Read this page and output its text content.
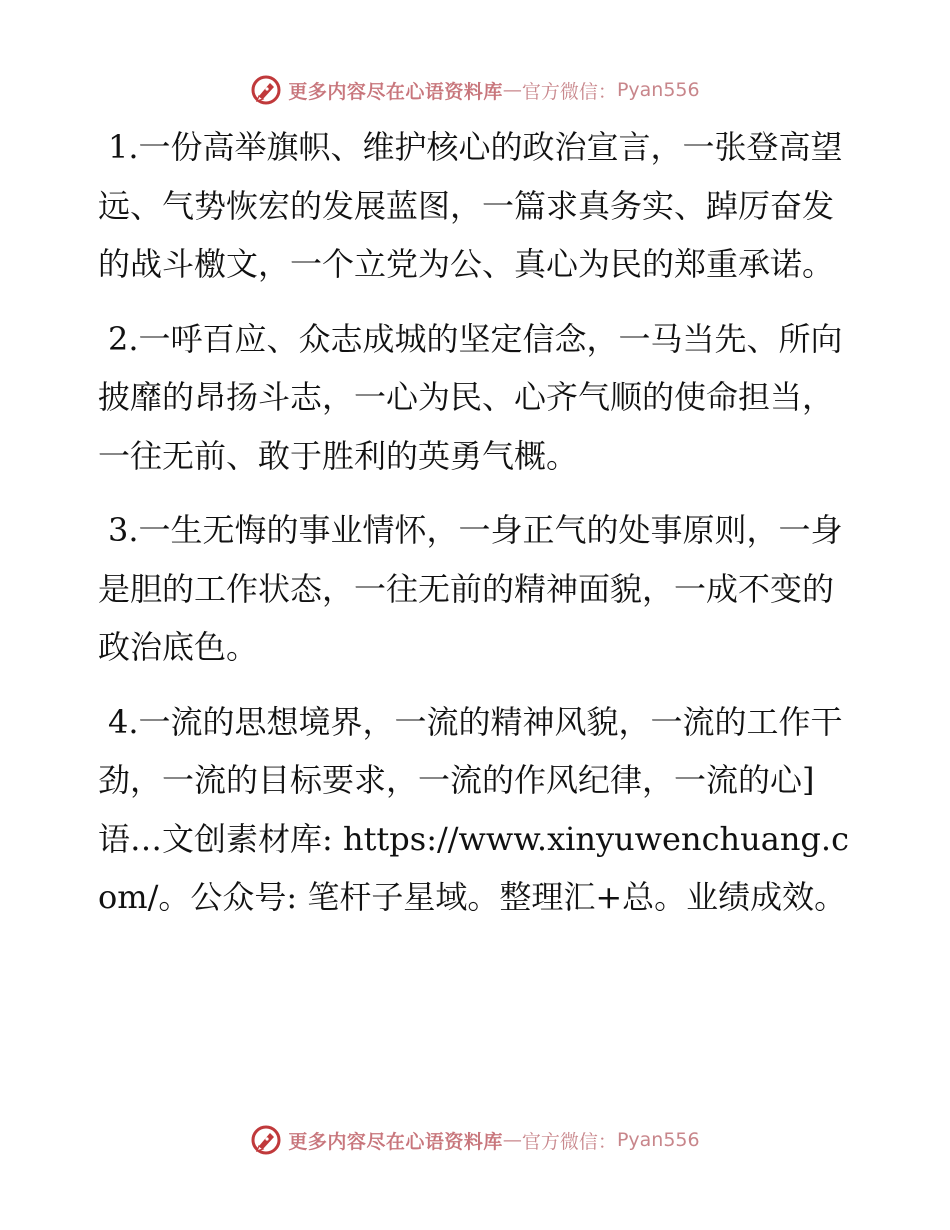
更多内容尽在心语资料库 — 官方微信： Pyan556

1.一份高举旗帜、维护核心的政治宣言，一张登高望远、气势恢宏的发展蓝图，一篇求真务实、踔厉奋发的战斗檄文，一个立党为公、真心为民的郑重承诺。

2.一呼百应、众志成城的坚定信念，一马当先、所向披靡的昂扬斗志，一心为民、心齐气顺的使命担当，一往无前、敢于胜利的英勇气概。

3.一生无悔的事业情怀，一身正气的处事原则，一身是胆的工作状态，一往无前的精神面貌，一成不变的政治底色。

4.一流的思想境界，一流的精神风貌，一流的工作干劲，一流的目标要求，一流的作风纪律，一流的心]语…文创素材库: https://www.xinyuwenchuang.com/。公众号: 笔杆子星域。整理汇+总。业绩成效。

更多内容尽在心语资料库 — 官方微信： Pyan556
